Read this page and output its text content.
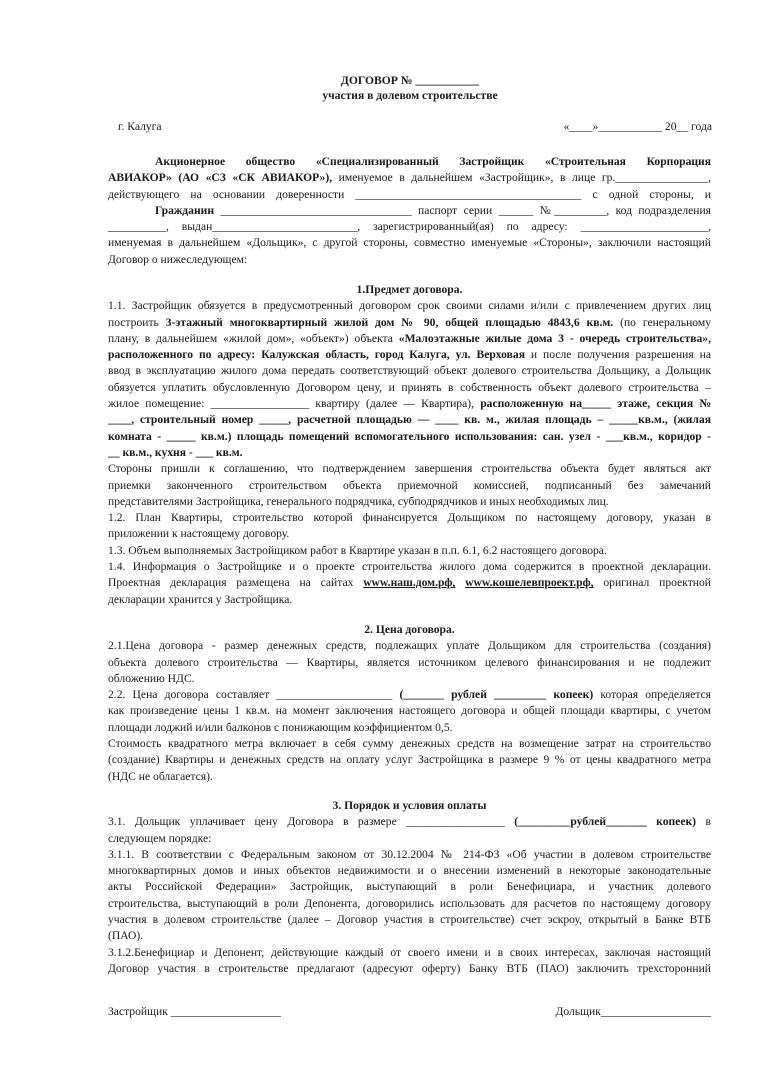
ДОГОВОР № ___________
участия в долевом строительстве
г. Калуга	«____»___________ 20__ года
Акционерное общество «Специализированный Застройщик «Строительная Корпорация
АВИАКОР» (АО «СЗ «СК АВИАКОР»), именуемое в дальнейшем «Застройщик», в лице гр.________________,
действующего на основании доверенности _______________________________________ с одной стороны, и
Гражданин _________________________________ паспорт серии ______ №_________, код подразделения
__________, выдан_________________________, зарегистрированный(ая) по адресу: ______________________,
именуемая в дальнейшем «Дольщик», с другой стороны, совместно именуемые «Стороны», заключили настоящий
Договор о нижеследующем:
1.Предмет договора.
1.1. Застройщик обязуется в предусмотренный договором срок своими силами и/или с привлечением других лиц
построить 3-этажный многоквартирный жилой дом № 90, общей площадью 4843,6 кв.м. (по генеральному
плану, в дальнейшем «жилой дом», «объект») объекта «Малоэтажные жилые дома 3 - очередь строительства»,
расположенного по адресу: Калужская область, город Калуга, ул. Верховая и после получения разрешения на
ввод в эксплуатацию жилого дома передать соответствующий объект долевого строительства Дольщику, а Дольщик
обязуется уплатить обусловленную Договором цену, и принять в собственность объект долевого строительства –
жилое помещение: _________________ квартиру (далее — Квартира), расположенную на_____ этаже, секция №
____, строительный номер _____, расчетной площадью — ____ кв. м., жилая площадь – _____кв.м., (жилая
комната - _____ кв.м.) площадь помещений вспомогательного использования: сан. узел - ___кв.м., коридор -
__ кв.м., кухня - ___ кв.м.
Стороны пришли к соглашению, что подтверждением завершения строительства объекта будет являться акт
приемки законченного строительством объекта приемочной комиссией, подписанный без замечаний
представителями Застройщика, генерального подрядчика, субподрядчиков и иных необходимых лиц.
1.2. План Квартиры, строительство которой финансируется Дольщиком по настоящему договору, указан в
приложении к настоящему договору.
1.3. Объем выполняемых Застройщиком работ в Квартире указан в п.п. 6.1, 6.2 настоящего договора.
1.4. Информация о Застройщике и о проекте строительства жилого дома содержится в проектной декларации.
Проектная декларация размещена на сайтах www.наш.дом.рф, www.кошелевпроект.рф, оригинал проектной
декларации хранится у Застройщика.
2. Цена договора.
2.1.Цена договора - размер денежных средств, подлежащих уплате Дольщиком для строительства (создания)
объекта долевого строительства — Квартиры, является источником целевого финансирования и не подлежит
обложению НДС.
2.2. Цена договора составляет ____________________ (_______ рублей _________ копеек) которая определяется
как произведение цены 1 кв.м. на момент заключения настоящего договора и общей площади квартиры, с учетом
площади лоджий и/или балконов с понижающим коэффициентом 0,5.
Стоимость квадратного метра включает в себя сумму денежных средств на возмещение затрат на строительство
(создание) Квартиры и денежных средств на оплату услуг Застройщика в размере 9 % от цены квадратного метра
(НДС не облагается).
3. Порядок и условия оплаты
3.1. Дольщик уплачивает цену Договора в размере _________________ (_________рублей_______ копеек) в
следующем порядке:
3.1.1. В соответствии с Федеральным законом от 30.12.2004 № 214-ФЗ «Об участии в долевом строительстве
многоквартирных домов и иных объектов недвижимости и о внесении изменений в некоторые законодательные
акты Российской Федерации» Застройщик, выступающий в роли Бенефициара, и участник долевого
строительства, выступающий в роли Депонента, договорились использовать для расчетов по настоящему договору
участия в долевом строительстве (далее – Договор участия в строительстве) счет эскроу, открытый в Банке ВТБ
(ПАО).
3.1.2.Бенефициар и Депонент, действующие каждый от своего имени и в своих интересах, заключая настоящий
Договор участия в строительстве предлагают (адресуют оферту) Банку ВТБ (ПАО) заключить трехсторонний
Застройщик ___________________	Дольщик___________________
